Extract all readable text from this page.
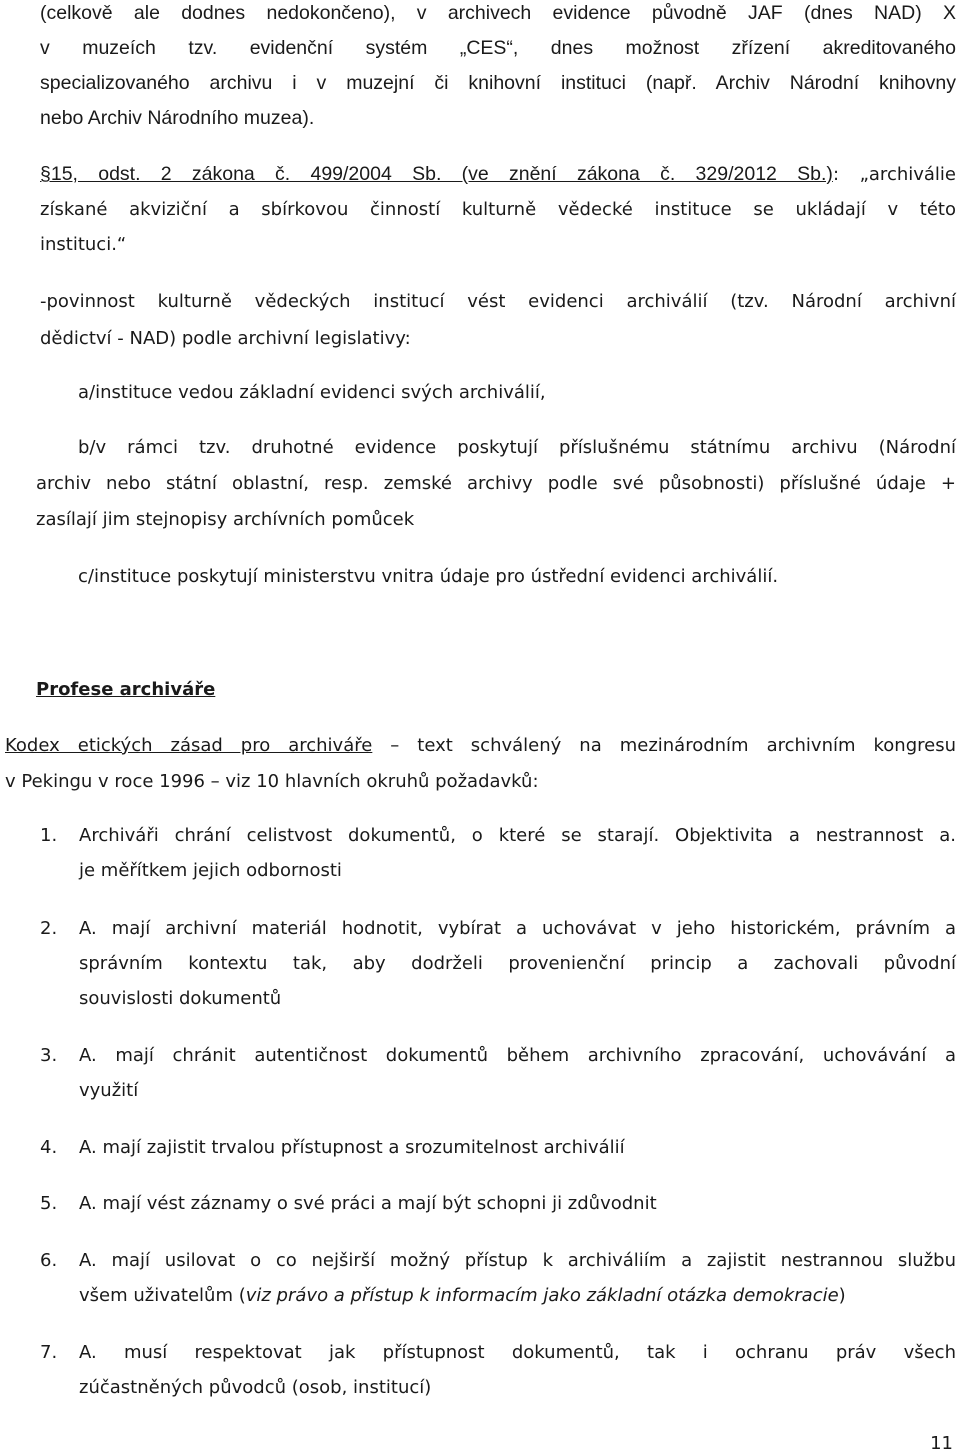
(celkově ale dodnes nedokončeno), v archivech evidence původně JAF (dnes NAD) X
v muzeích tzv. evidenční systém „CES“, dnes možnost zřízení akreditovaného
specializovaného archivu i v muzejní či knihovní instituci (např. Archiv Národní knihovny
nebo Archiv Národního muzea).
§15, odst. 2 zákona č. 499/2004 Sb. (ve znění zákona č. 329/2012 Sb.): „archiválie
získané akviziční a sbírkovou činností kulturně vědecké instituce se ukládají v této
instituci.“
-povinnost kulturně vědeckých institucí vést evidenci archiválií (tzv. Národní archivní
dědictví - NAD) podle archivní legislativy:
a/instituce vedou základní evidenci svých archiválií,
b/v rámci tzv. druhotné evidence poskytují příslušnému státnímu archivu (Národní
archiv nebo státní oblastní, resp. zemské archivy podle své působnosti) příslušné údaje +
zasílají jim stejnopisy archívních pomůcek
c/instituce poskytují ministerstvu vnitra údaje pro ústřední evidenci archiválií.
Profese archiváře
Kodex etických zásad pro archiváře – text schválený na mezinárodním archivním kongresu
v Pekingu v roce 1996 – viz 10 hlavních okruhů požadavků:
1. Archiváři chrání celistvost dokumentů, o které se starají. Objektivita a nestrannost a.
je měřítkem jejich odbornosti
2. A. mají archivní materiál hodnotit, vybírat a uchovávat v jeho historickém, právním a
správním kontextu tak, aby dodrželi provenienční princip a zachovali původní
souvislosti dokumentů
3. A. mají chránit autentičnost dokumentů během archivního zpracování, uchovávání a
využití
4. A. mají zajistit trvalou přístupnost a srozumitelnost archiválií
5. A. mají vést záznamy o své práci a mají být schopni ji zdůvodnit
6. A. mají usilovat o co nejširší možný přístup k archiváliím a zajistit nestrannou službu
všem uživatelům (viz právo a přístup k informacím jako základní otázka demokracie)
7. A. musí respektovat jak přístupnost dokumentů, tak i ochranu práv všech
zúčastněných původců (osob, institucí)
11
